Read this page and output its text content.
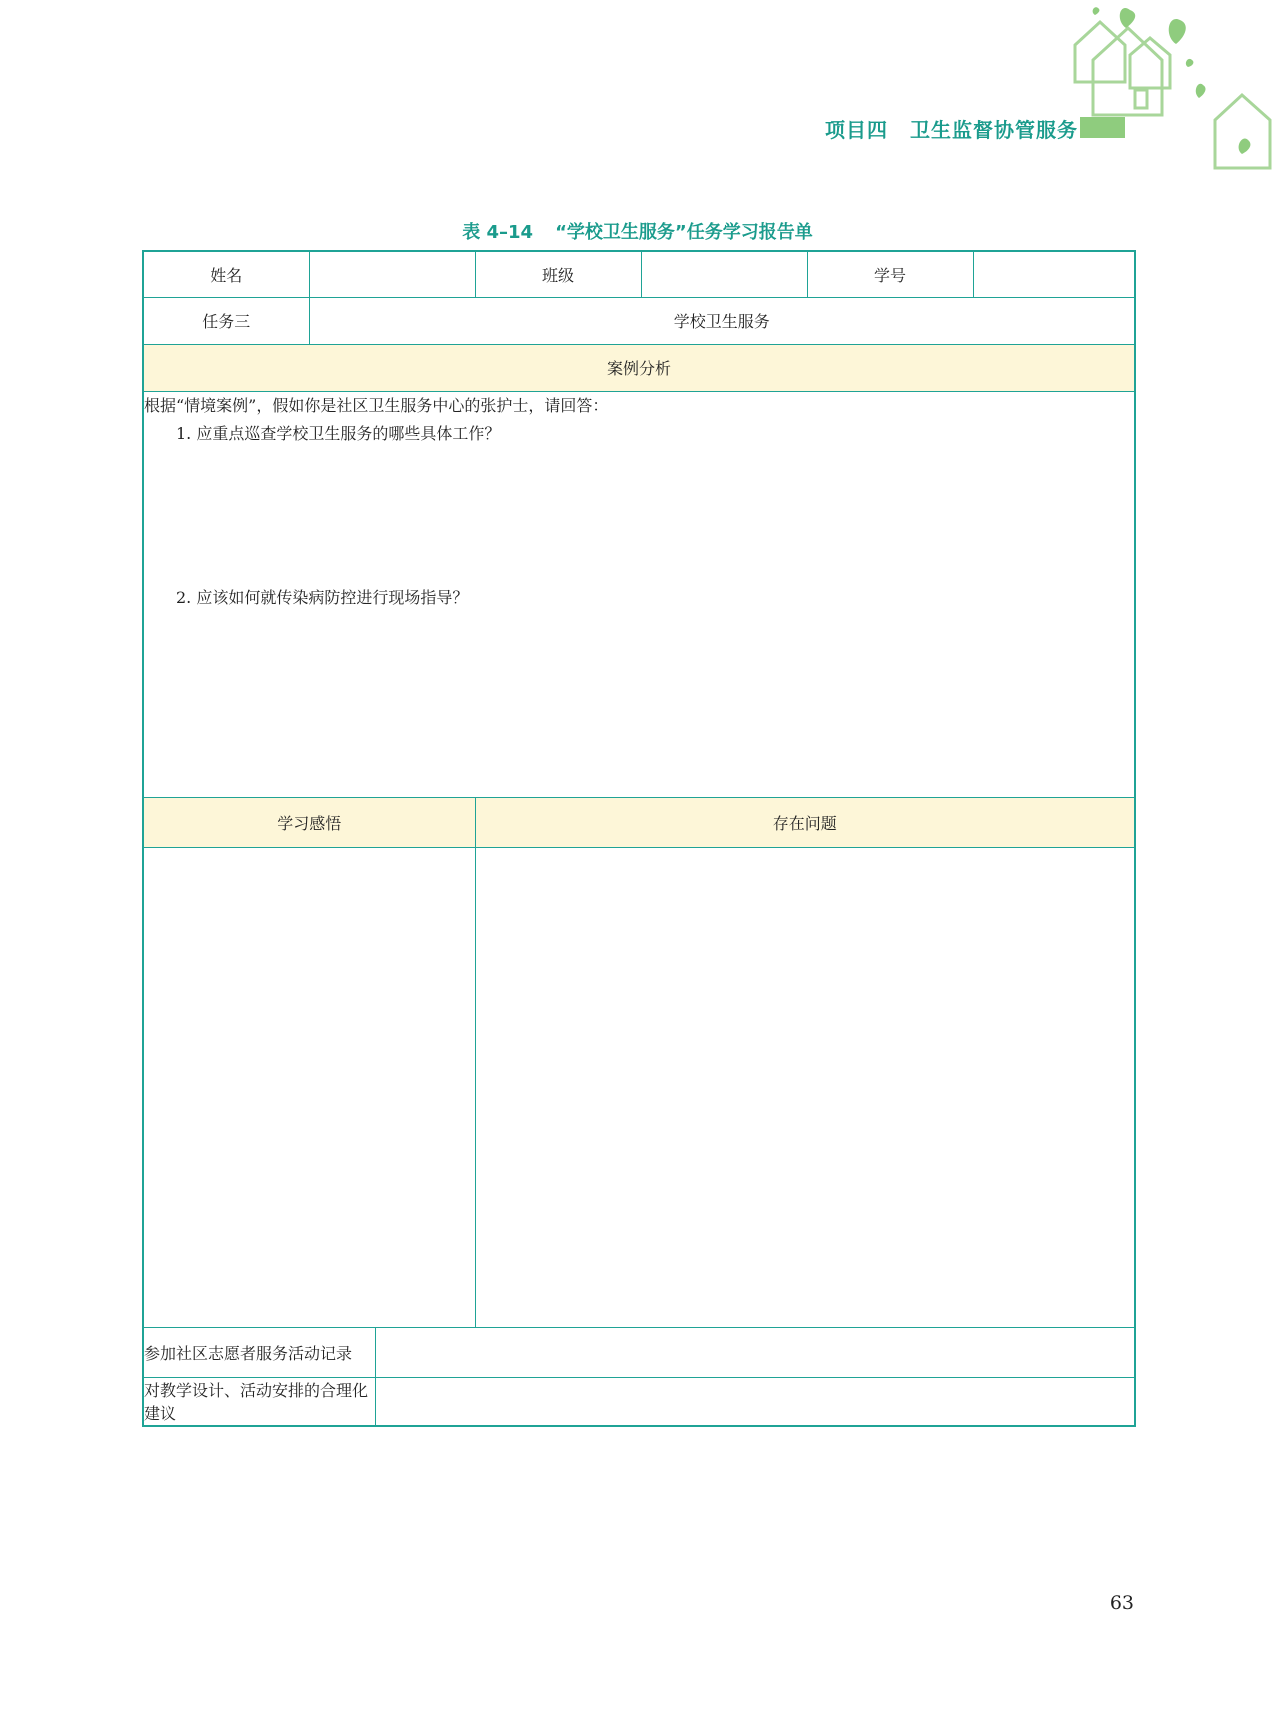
项目四 卫生监督协管服务
表 4–14 “学校卫生服务”任务学习报告单
姓名			班级		学号	
任务三	学校卫生服务					
案例分析						

根据“情境案例”，假如你是社区卫生服务中心的张护士，请回答：
1. 应重点巡查学校卫生服务的哪些具体工作？
2. 应该如何就传染病防控进行现场指导？						

学习感悟			存在问题			

参加社区志愿者服务活动记录						
对教学设计、活动安排的合理化建议						
63
